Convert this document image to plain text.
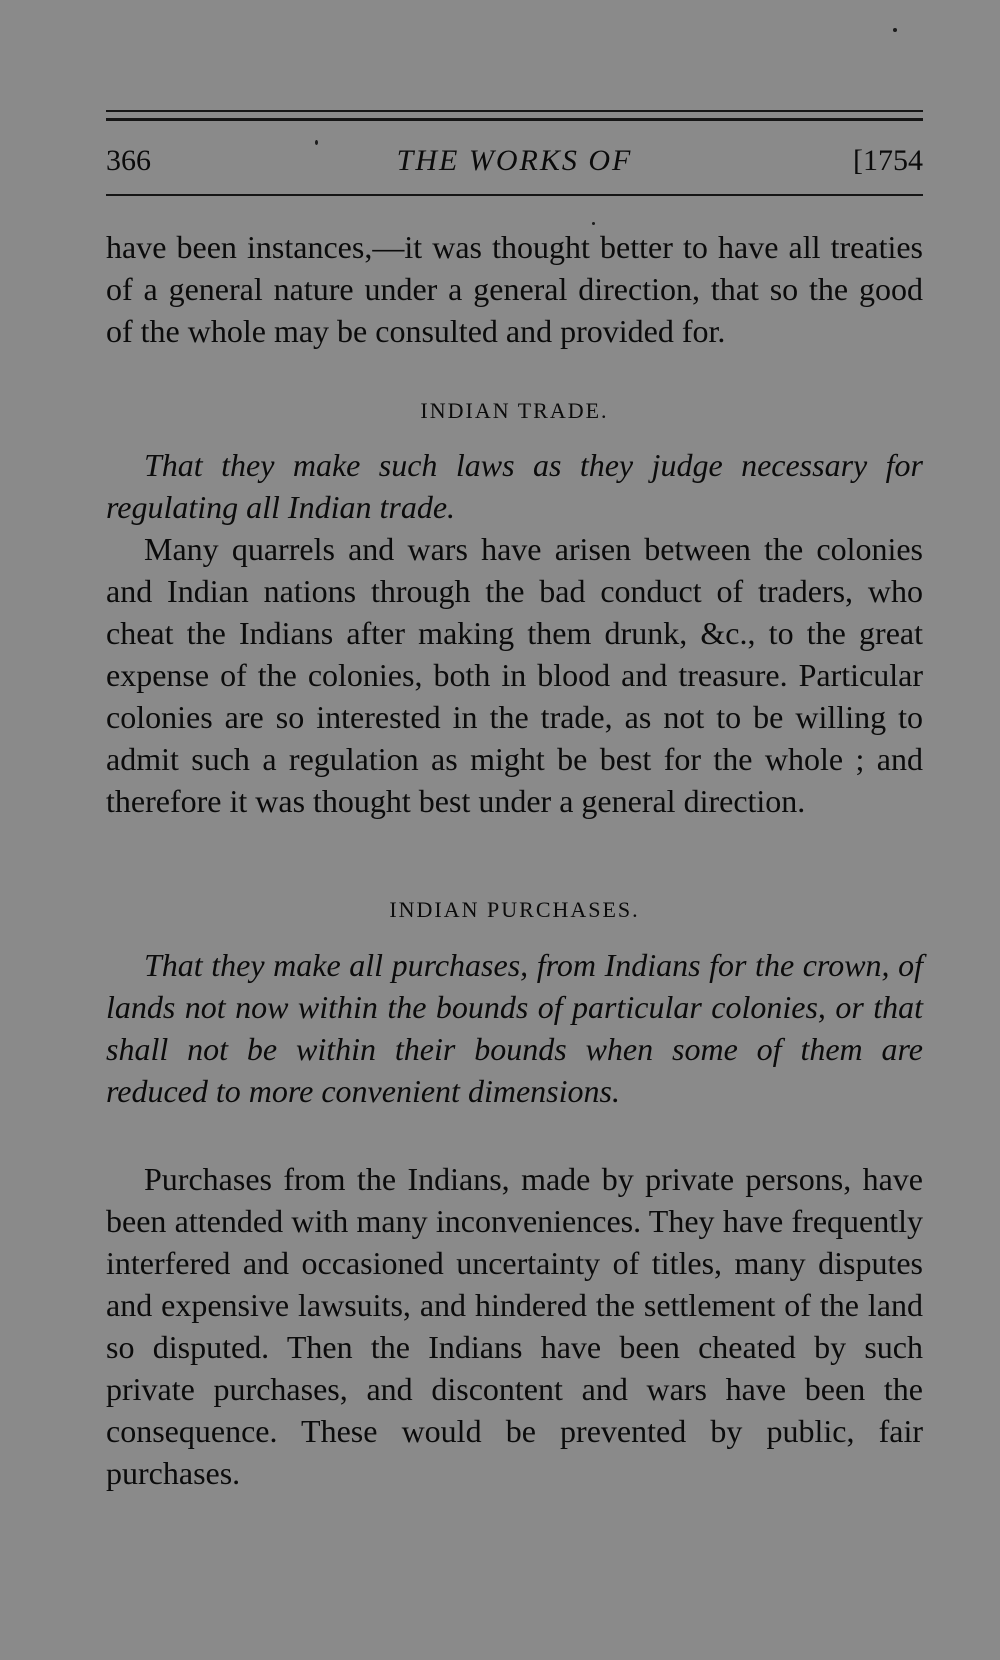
366	THE WORKS OF	[1754

have been instances,—it was thought better to have all treaties of a general nature under a general direction, that so the good of the whole may be consulted and provided for.

INDIAN TRADE.

That they make such laws as they judge necessary for regulating all Indian trade.

Many quarrels and wars have arisen between the colonies and Indian nations through the bad conduct of traders, who cheat the Indians after making them drunk, &c., to the great expense of the colonies, both in blood and treasure. Particular colonies are so interested in the trade, as not to be willing to admit such a regulation as might be best for the whole ; and therefore it was thought best under a general direction.

INDIAN PURCHASES.

That they make all purchases, from Indians for the crown, of lands not now within the bounds of particular colonies, or that shall not be within their bounds when some of them are reduced to more convenient dimensions.

Purchases from the Indians, made by private persons, have been attended with many inconveniences. They have frequently interfered and occasioned uncertainty of titles, many disputes and expensive lawsuits, and hindered the settlement of the land so disputed. Then the Indians have been cheated by such private purchases, and discontent and wars have been the consequence. These would be prevented by public, fair purchases.
